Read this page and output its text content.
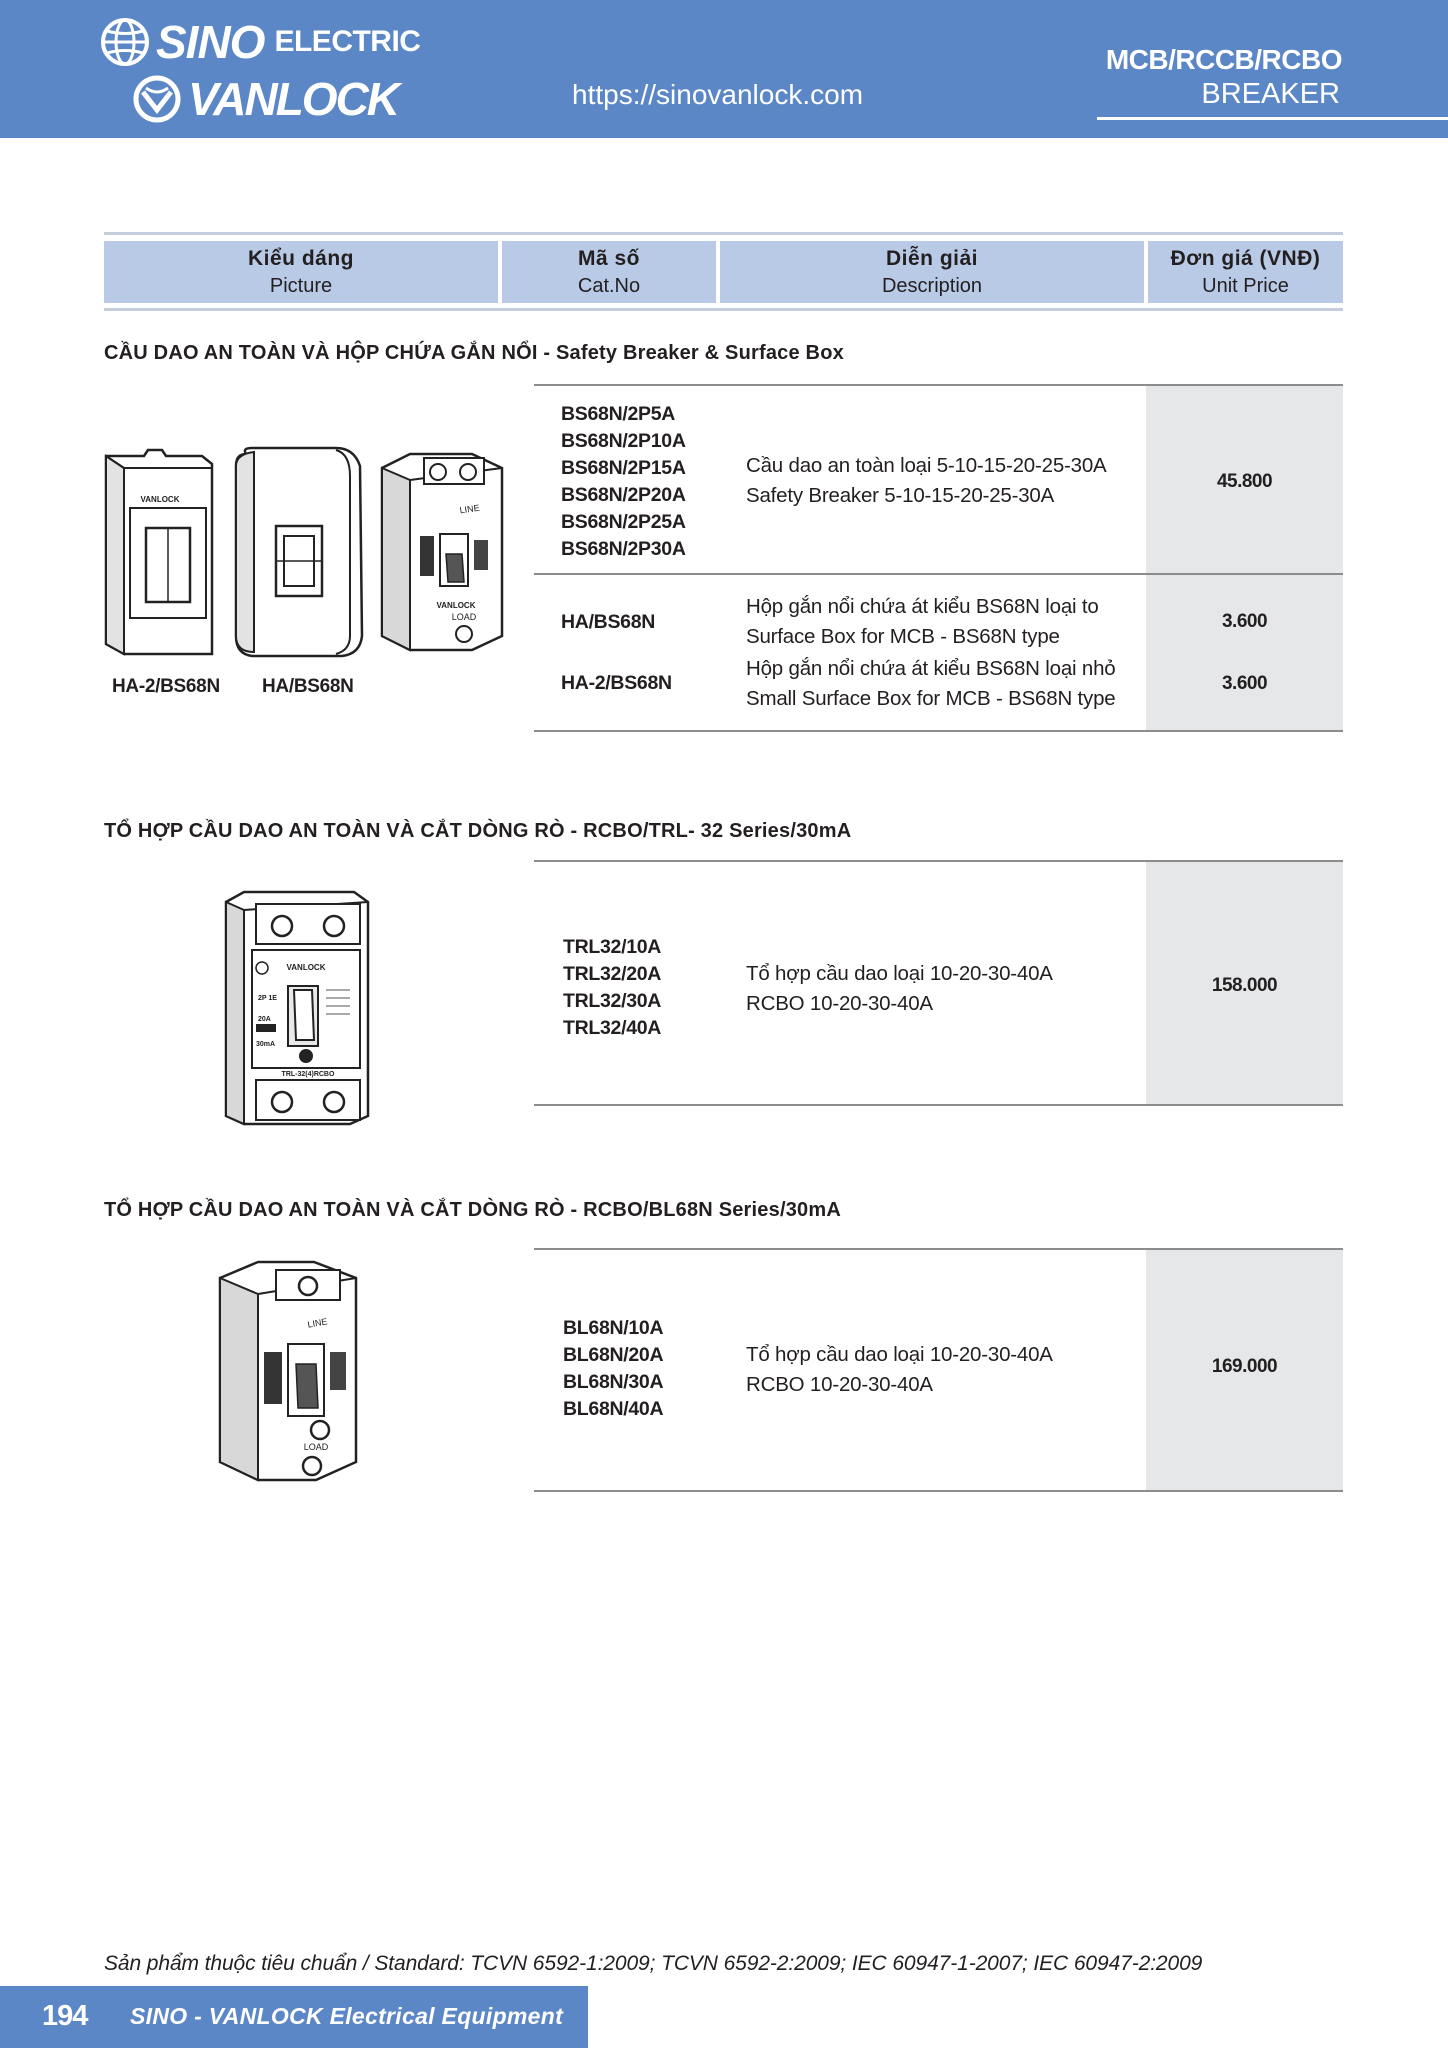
SINO ELECTRIC
VANLOCK	https://sinovanlock.com
MCB/RCCB/RCBO
BREAKER
Kiểu dáng
Picture
Mã số
Cat.No
Diễn giải
Description
Đơn giá (VNĐ)
Unit Price
CẦU DAO AN TOÀN VÀ HỘP CHỨA GẮN NỔI - Safety Breaker & Surface Box
VANLOCK
LINE
VANLOCK
LOAD
HA-2/BS68N HA/BS68N
BS68N/2P5A
BS68N/2P10A
BS68N/2P15A
BS68N/2P20A
BS68N/2P25A
BS68N/2P30A
Cầu dao an toàn loại 5-10-15-20-25-30A
Safety Breaker 5-10-15-20-25-30A
45.800
HA/BS68N
Hộp gắn nổi chứa át kiểu BS68N loại to
Surface Box for MCB - BS68N type
3.600
HA-2/BS68N
Hộp gắn nổi chứa át kiểu BS68N loại nhỏ
Small Surface Box for MCB - BS68N type
3.600
TỔ HỢP CẦU DAO AN TOÀN VÀ CẮT DÒNG RÒ - RCBO/TRL- 32 Series/30mA
VANLOCK
2P 1E
20A
30mA
TRL-32(4)RCBO
TRL32/10A
TRL32/20A
TRL32/30A
TRL32/40A
Tổ hợp cầu dao loại 10-20-30-40A
RCBO 10-20-30-40A
158.000
TỔ HỢP CẦU DAO AN TOÀN VÀ CẮT DÒNG RÒ - RCBO/BL68N Series/30mA
LINE
LOAD
BL68N/10A
BL68N/20A
BL68N/30A
BL68N/40A
Tổ hợp cầu dao loại 10-20-30-40A
RCBO 10-20-30-40A
169.000
Sản phẩm thuộc tiêu chuẩn / Standard: TCVN 6592-1:2009; TCVN 6592-2:2009; IEC 60947-1-2007; IEC 60947-2:2009
194 SINO - VANLOCK Electrical Equipment
